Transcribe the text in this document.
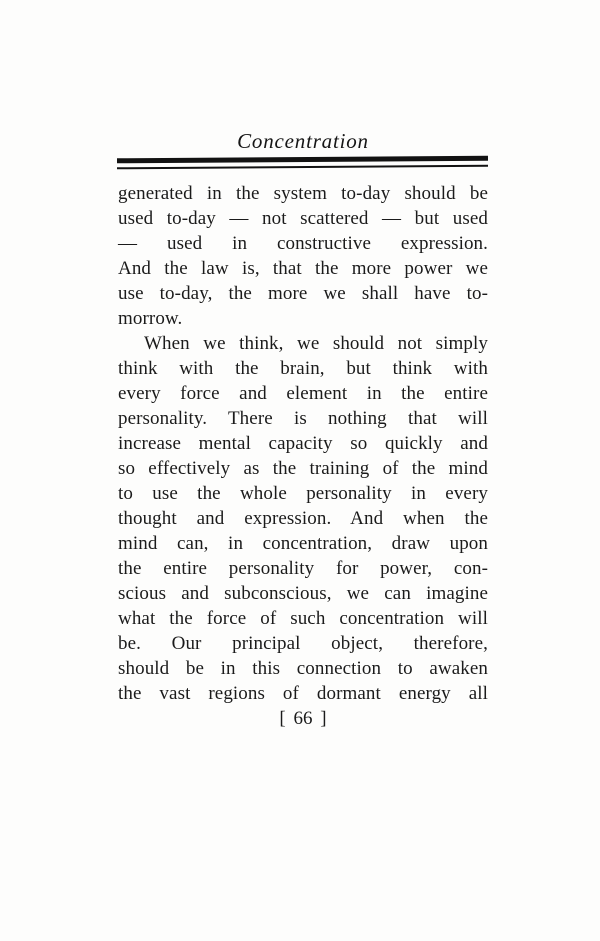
Concentration
generated in the system to-day should be
used to-day — not scattered — but used
— used in constructive expression.
And the law is, that the more power we
use to-day, the more we shall have to-
morrow.
When we think, we should not simply
think with the brain, but think with
every force and element in the entire
personality. There is nothing that will
increase mental capacity so quickly and
so effectively as the training of the mind
to use the whole personality in every
thought and expression. And when the
mind can, in concentration, draw upon
the entire personality for power, con-
scious and subconscious, we can imagine
what the force of such concentration will
be. Our principal object, therefore,
should be in this connection to awaken
the vast regions of dormant energy all
[ 66 ]
